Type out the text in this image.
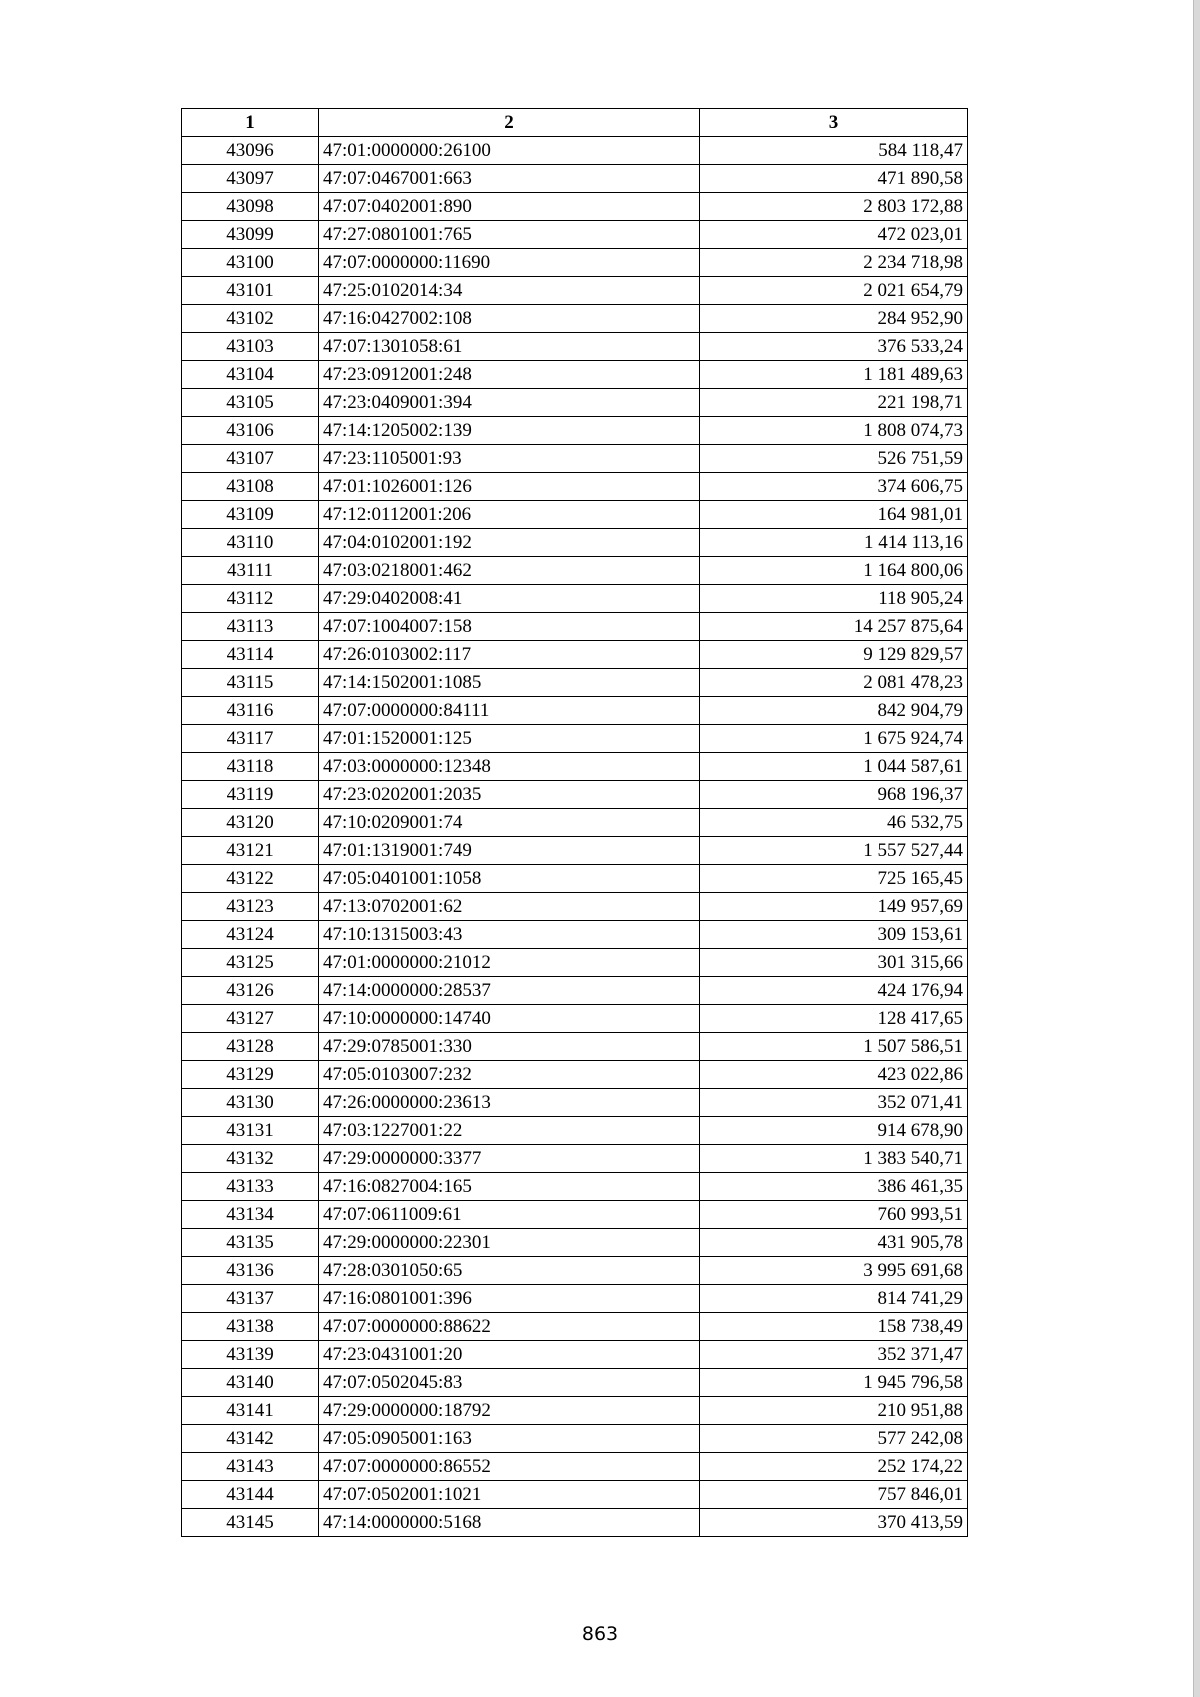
1	2	3
43096	47:01:0000000:26100	584 118,47
43097	47:07:0467001:663	471 890,58
43098	47:07:0402001:890	2 803 172,88
43099	47:27:0801001:765	472 023,01
43100	47:07:0000000:11690	2 234 718,98
43101	47:25:0102014:34	2 021 654,79
43102	47:16:0427002:108	284 952,90
43103	47:07:1301058:61	376 533,24
43104	47:23:0912001:248	1 181 489,63
43105	47:23:0409001:394	221 198,71
43106	47:14:1205002:139	1 808 074,73
43107	47:23:1105001:93	526 751,59
43108	47:01:1026001:126	374 606,75
43109	47:12:0112001:206	164 981,01
43110	47:04:0102001:192	1 414 113,16
43111	47:03:0218001:462	1 164 800,06
43112	47:29:0402008:41	118 905,24
43113	47:07:1004007:158	14 257 875,64
43114	47:26:0103002:117	9 129 829,57
43115	47:14:1502001:1085	2 081 478,23
43116	47:07:0000000:84111	842 904,79
43117	47:01:1520001:125	1 675 924,74
43118	47:03:0000000:12348	1 044 587,61
43119	47:23:0202001:2035	968 196,37
43120	47:10:0209001:74	46 532,75
43121	47:01:1319001:749	1 557 527,44
43122	47:05:0401001:1058	725 165,45
43123	47:13:0702001:62	149 957,69
43124	47:10:1315003:43	309 153,61
43125	47:01:0000000:21012	301 315,66
43126	47:14:0000000:28537	424 176,94
43127	47:10:0000000:14740	128 417,65
43128	47:29:0785001:330	1 507 586,51
43129	47:05:0103007:232	423 022,86
43130	47:26:0000000:23613	352 071,41
43131	47:03:1227001:22	914 678,90
43132	47:29:0000000:3377	1 383 540,71
43133	47:16:0827004:165	386 461,35
43134	47:07:0611009:61	760 993,51
43135	47:29:0000000:22301	431 905,78
43136	47:28:0301050:65	3 995 691,68
43137	47:16:0801001:396	814 741,29
43138	47:07:0000000:88622	158 738,49
43139	47:23:0431001:20	352 371,47
43140	47:07:0502045:83	1 945 796,58
43141	47:29:0000000:18792	210 951,88
43142	47:05:0905001:163	577 242,08
43143	47:07:0000000:86552	252 174,22
43144	47:07:0502001:1021	757 846,01
43145	47:14:0000000:5168	370 413,59
863
